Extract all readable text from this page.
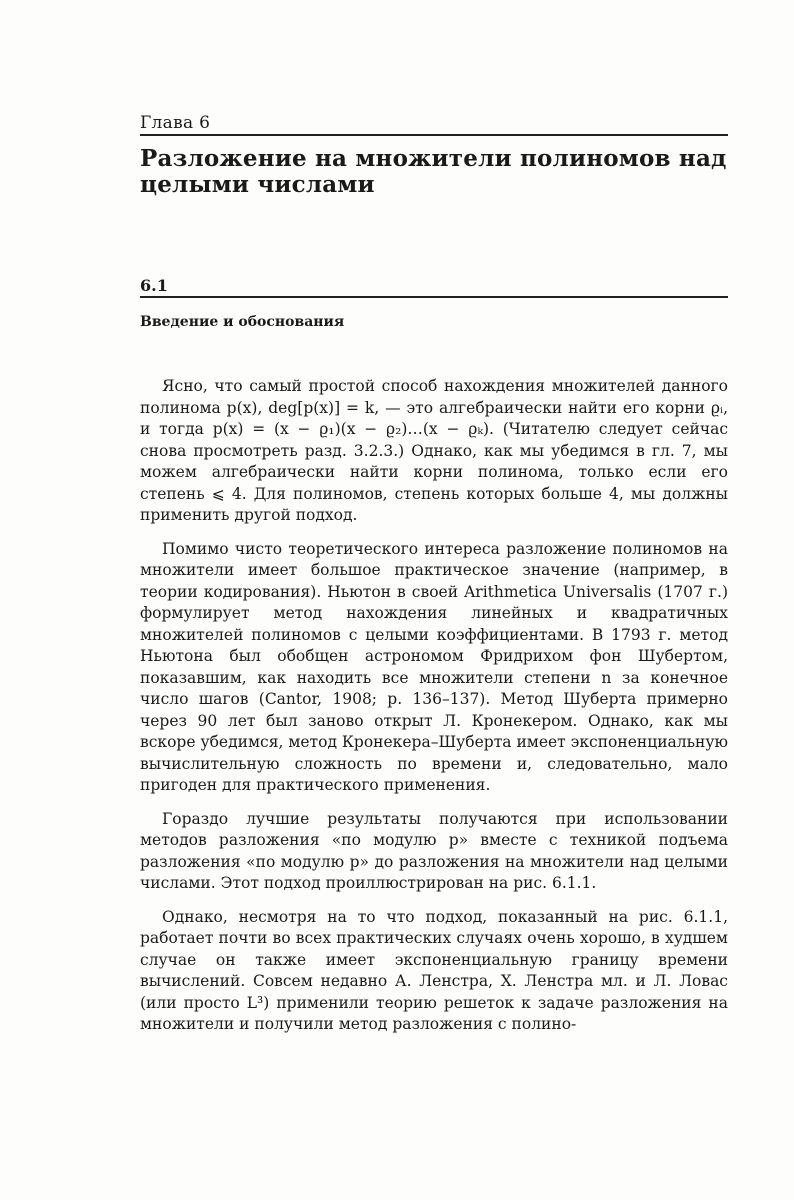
Глава 6
Разложение на множители полиномов над целыми числами
6.1
Введение и обоснования

Ясно, что самый простой способ нахождения множителей данного полинома p(x), deg[p(x)] = k, — это алгебраически найти его корни ϱᵢ, и тогда p(x) = (x − ϱ₁)(x − ϱ₂)…(x − ϱₖ). (Читателю следует сейчас снова просмотреть разд. 3.2.3.) Однако, как мы убедимся в гл. 7, мы можем алгебраически найти корни полинома, только если его степень ⩽ 4. Для полиномов, степень которых больше 4, мы должны применить другой подход.

Помимо чисто теоретического интереса разложение полиномов на множители имеет большое практическое значение (например, в теории кодирования). Ньютон в своей Arithmetica Universalis (1707 г.) формулирует метод нахождения линейных и квадратичных множителей полиномов с целыми коэффициентами. В 1793 г. метод Ньютона был обобщен астрономом Фридрихом фон Шубертом, показавшим, как находить все множители степени n за конечное число шагов (Cantor, 1908; p. 136–137). Метод Шуберта примерно через 90 лет был заново открыт Л. Кронекером. Однако, как мы вскоре убедимся, метод Кронекера–Шуберта имеет экспоненциальную вычислительную сложность по времени и, следовательно, мало пригоден для практического применения.

Гораздо лучшие результаты получаются при использовании методов разложения «по модулю p» вместе с техникой подъема разложения «по модулю p» до разложения на множители над целыми числами. Этот подход проиллюстрирован на рис. 6.1.1.

Однако, несмотря на то что подход, показанный на рис. 6.1.1, работает почти во всех практических случаях очень хорошо, в худшем случае он также имеет экспоненциальную границу времени вычислений. Совсем недавно А. Ленстра, Х. Ленстра мл. и Л. Ловас (или просто L³) применили теорию решеток к задаче разложения на множители и получили метод разложения с полино-
